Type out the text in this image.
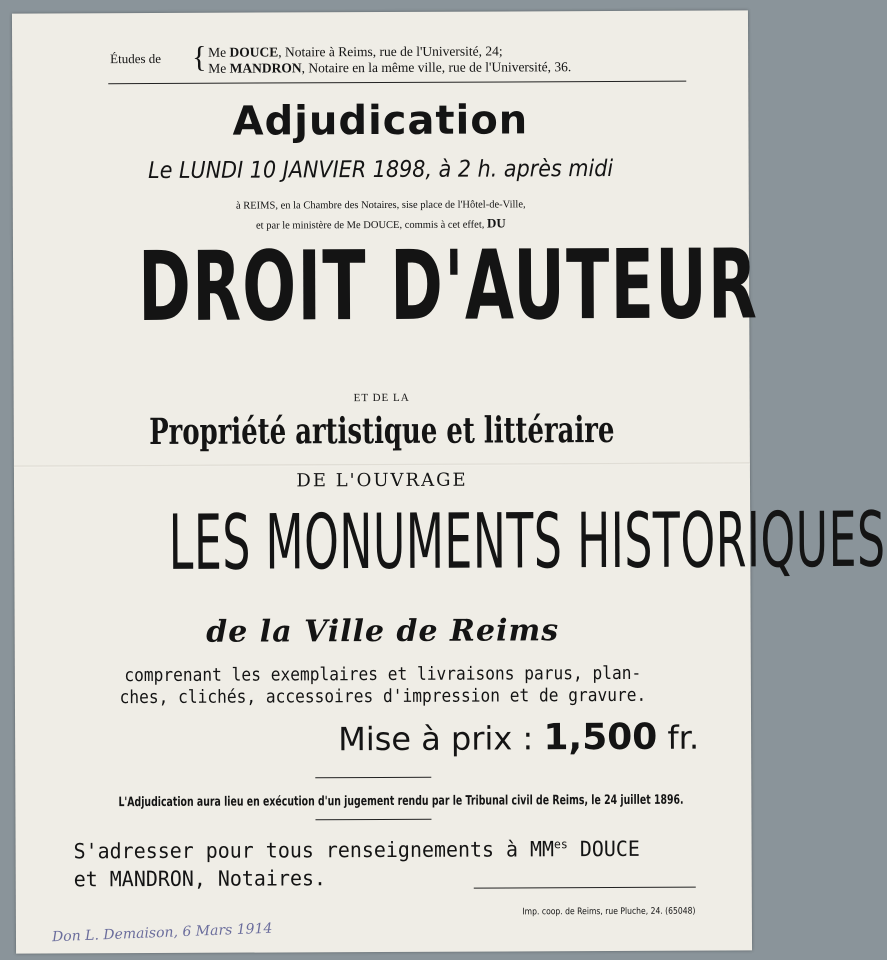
Études de { Me DOUCE, Notaire à Reims, rue de l'Université, 24;
Me MANDRON, Notaire en la même ville, rue de l'Université, 36.
Adjudication
Le LUNDI 10 JANVIER 1898, à 2 h. après midi
à REIMS, en la Chambre des Notaires, sise place de l'Hôtel-de-Ville,
et par le ministère de Me DOUCE, commis à cet effet, DU
DROIT D'AUTEUR
ET DE LA
Propriété artistique et littéraire
DE L'OUVRAGE
LES MONUMENTS HISTORIQUES
de la Ville de Reims
comprenant les exemplaires et livraisons parus, plan-
ches, clichés, accessoires d'impression et de gravure.
Mise à prix : 1,500 fr.
L'Adjudication aura lieu en exécution d'un jugement rendu par le Tribunal civil de Reims, le 24 juillet 1896.
S'adresser pour tous renseignements à $MM^{es}$ DOUCE
et MANDRON, Notaires.
Imp. coop. de Reims, rue Pluche, 24. (65048)
Don L. Demaison, 6 Mars 1914
